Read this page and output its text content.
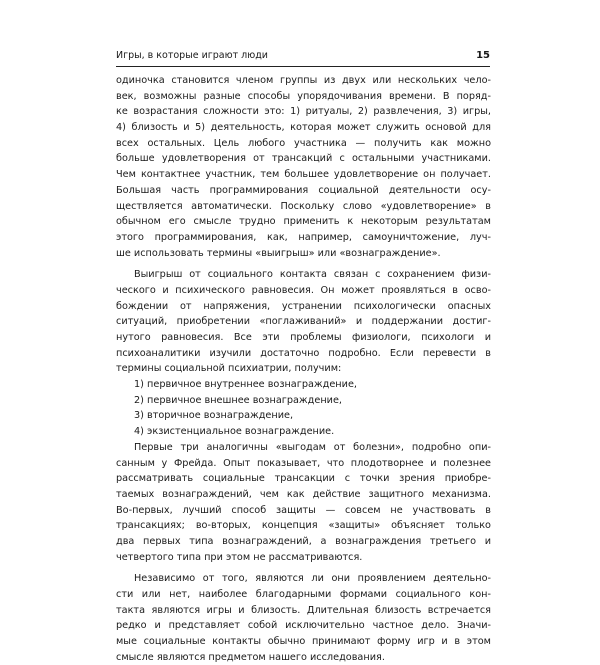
Игры, в которые играют люди	15
одиночка становится членом группы из двух или нескольких чело-
век, возможны разные способы упорядочивания времени. В поряд-
ке возрастания сложности это: 1) ритуалы, 2) развлечения, 3) игры,
4) близость и 5) деятельность, которая может служить основой для
всех остальных. Цель любого участника — получить как можно
больше удовлетворения от трансакций с остальными участниками.
Чем контактнее участник, тем большее удовлетворение он получает.
Большая часть программирования социальной деятельности осу-
ществляется автоматически. Поскольку слово «удовлетворение» в
обычном его смысле трудно применить к некоторым результатам
этого программирования, как, например, самоуничтожение, луч-
ше использовать термины «выигрыш» или «вознаграждение».
Выигрыш от социального контакта связан с сохранением физи-
ческого и психического равновесия. Он может проявляться в осво-
бождении от напряжения, устранении психологически опасных
ситуаций, приобретении «поглаживаний» и поддержании достиг-
нутого равновесия. Все эти проблемы физиологи, психологи и
психоаналитики изучили достаточно подробно. Если перевести в
термины социальной психиатрии, получим:
1) первичное внутреннее вознаграждение,
2) первичное внешнее вознаграждение,
3) вторичное вознаграждение,
4) экзистенциальное вознаграждение.
Первые три аналогичны «выгодам от болезни», подробно опи-
санным у Фрейда. Опыт показывает, что плодотворнее и полезнее
рассматривать социальные трансакции с точки зрения приобре-
таемых вознаграждений, чем как действие защитного механизма.
Во-первых, лучший способ защиты — совсем не участвовать в
трансакциях; во-вторых, концепция «защиты» объясняет только
два первых типа вознаграждений, а вознаграждения третьего и
четвертого типа при этом не рассматриваются.
Независимо от того, являются ли они проявлением деятельно-
сти или нет, наиболее благодарными формами социального кон-
такта являются игры и близость. Длительная близость встречается
редко и представляет собой исключительно частное дело. Значи-
мые социальные контакты обычно принимают форму игр и в этом
смысле являются предметом нашего исследования.
